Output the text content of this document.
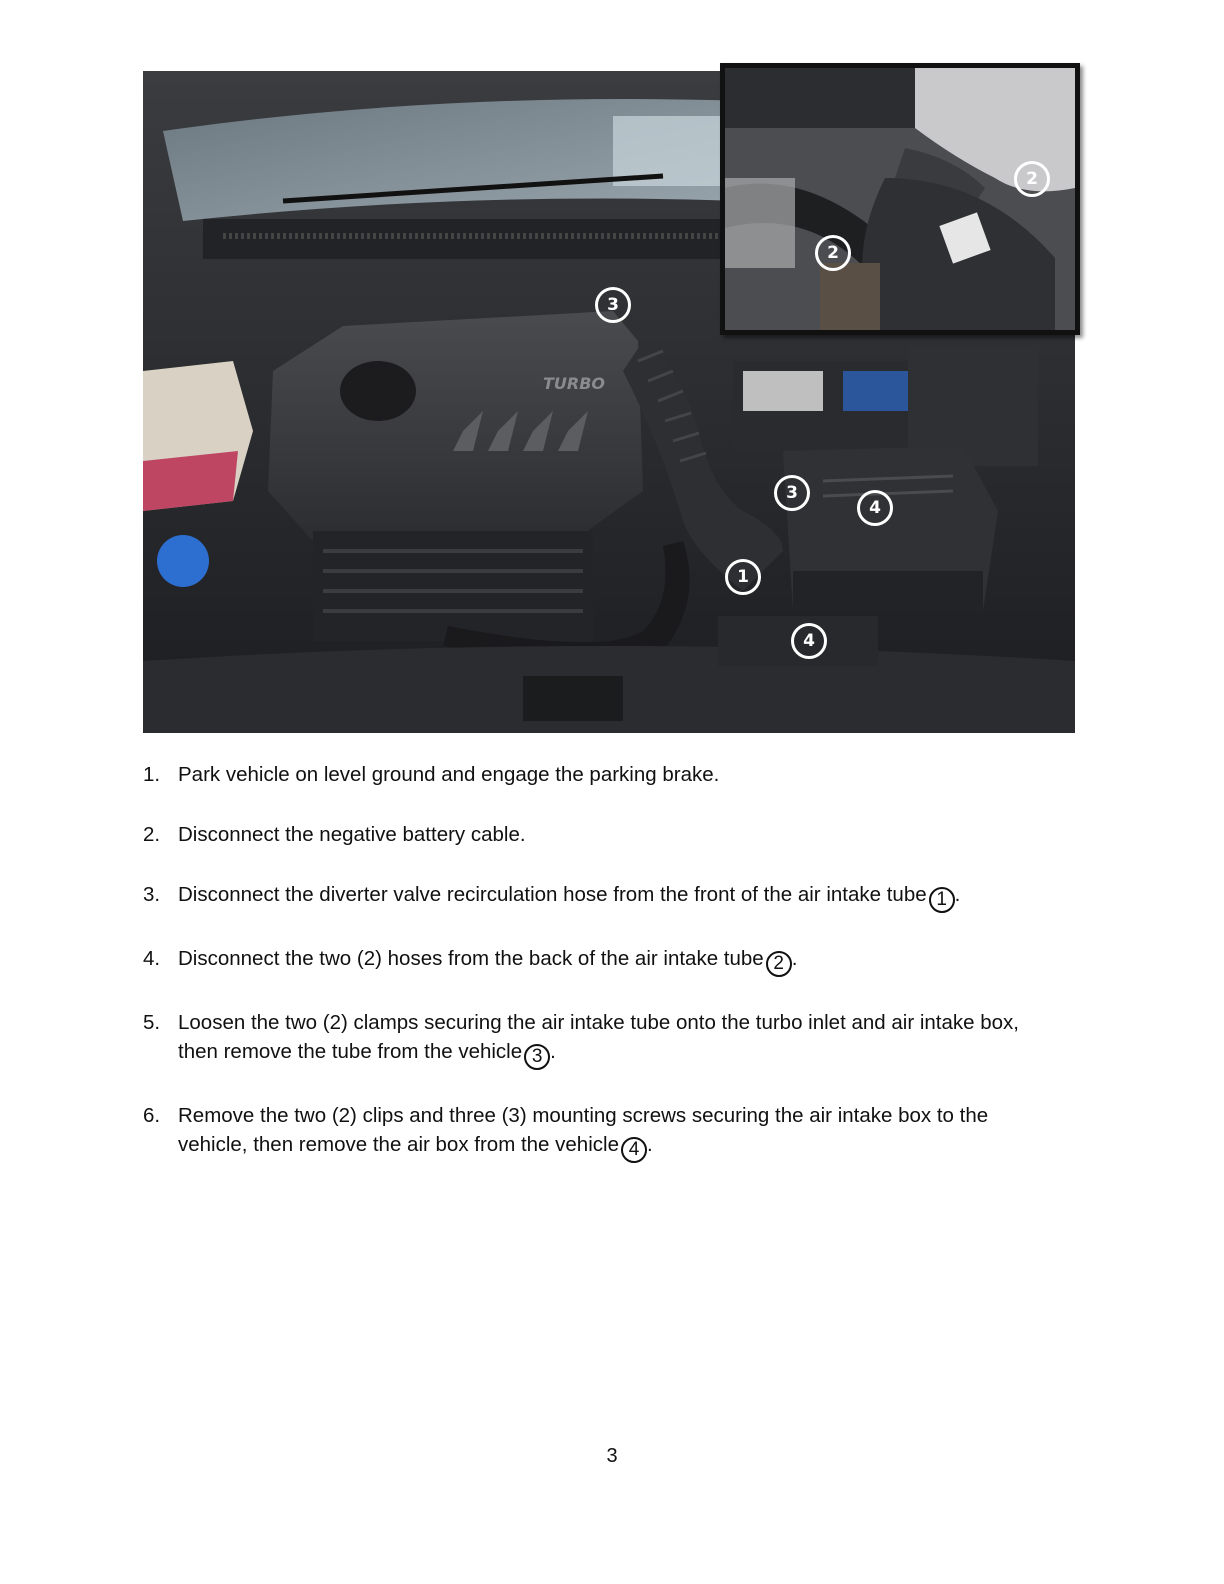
TURBO
1
2
2
3
3
4
4
1. Park vehicle on level ground and engage the parking brake.
2. Disconnect the negative battery cable.
3. Disconnect the diverter valve recirculation hose from the front of the air intake tube 1 .
4. Disconnect the two (2) hoses from the back of the air intake tube 2 .
5. Loosen the two (2) clamps securing the air intake tube onto the turbo inlet and air intake box, then remove the tube from the vehicle 3 .
6. Remove the two (2) clips and three (3) mounting screws securing the air intake box to the vehicle, then remove the air box from the vehicle 4 .
3
